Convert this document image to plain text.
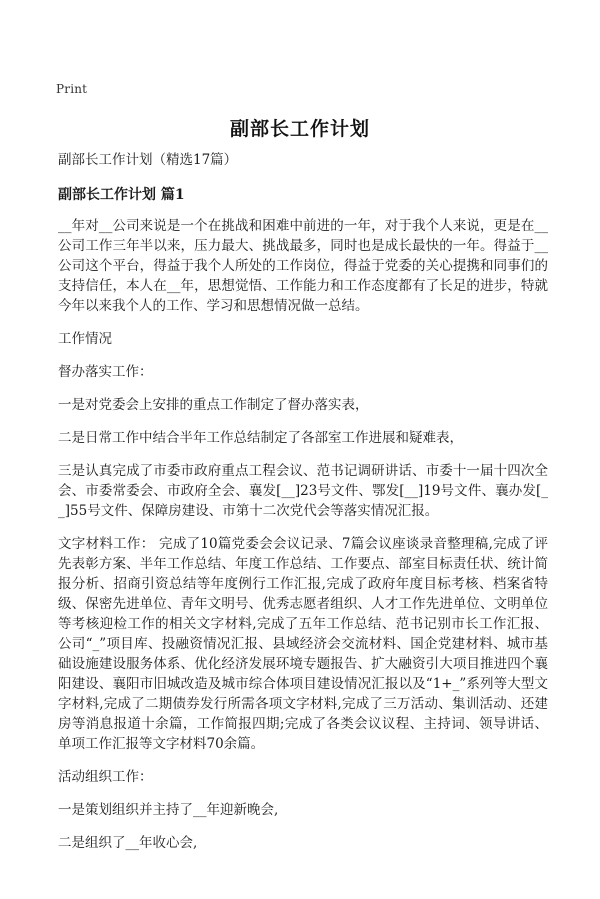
Print
副部长工作计划
副部长工作计划（精选17篇）
副部长工作计划 篇1
__年对__公司来说是一个在挑战和困难中前进的一年，对于我个人来说，更是在__公司工作三年半以来，压力最大、挑战最多，同时也是成长最快的一年。得益于__公司这个平台，得益于我个人所处的工作岗位，得益于党委的关心提携和同事们的支持信任，本人在__年，思想觉悟、工作能力和工作态度都有了长足的进步，特就今年以来我个人的工作、学习和思想情况做一总结。
工作情况
督办落实工作：
一是对党委会上安排的重点工作制定了督办落实表，
二是日常工作中结合半年工作总结制定了各部室工作进展和疑难表，
三是认真完成了市委市政府重点工程会议、范书记调研讲话、市委十一届十四次全会、市委常委会、市政府全会、襄发[__]23号文件、鄂发[__]19号文件、襄办发[__]55号文件、保障房建设、市第十二次党代会等落实情况汇报。
文字材料工作： 完成了10篇党委会会议记录、7篇会议座谈录音整理稿,完成了评先表彰方案、半年工作总结、年度工作总结、工作要点、部室目标责任状、统计简报分析、招商引资总结等年度例行工作汇报,完成了政府年度目标考核、档案省特级、保密先进单位、青年文明号、优秀志愿者组织、人才工作先进单位、文明单位等考核迎检工作的相关文字材料,完成了五年工作总结、范书记别市长工作汇报、公司“_”项目库、投融资情况汇报、县域经济会交流材料、国企党建材料、城市基础设施建设服务体系、优化经济发展环境专题报告、扩大融资引大项目推进四个襄阳建设、襄阳市旧城改造及城市综合体项目建设情况汇报以及“1+_”系列等大型文字材料,完成了二期债券发行所需各项文字材料,完成了三万活动、集训活动、还建房等消息报道十余篇，工作简报四期;完成了各类会议议程、主持词、领导讲话、单项工作汇报等文字材料70余篇。
活动组织工作：
一是策划组织并主持了__年迎新晚会,
二是组织了__年收心会,
